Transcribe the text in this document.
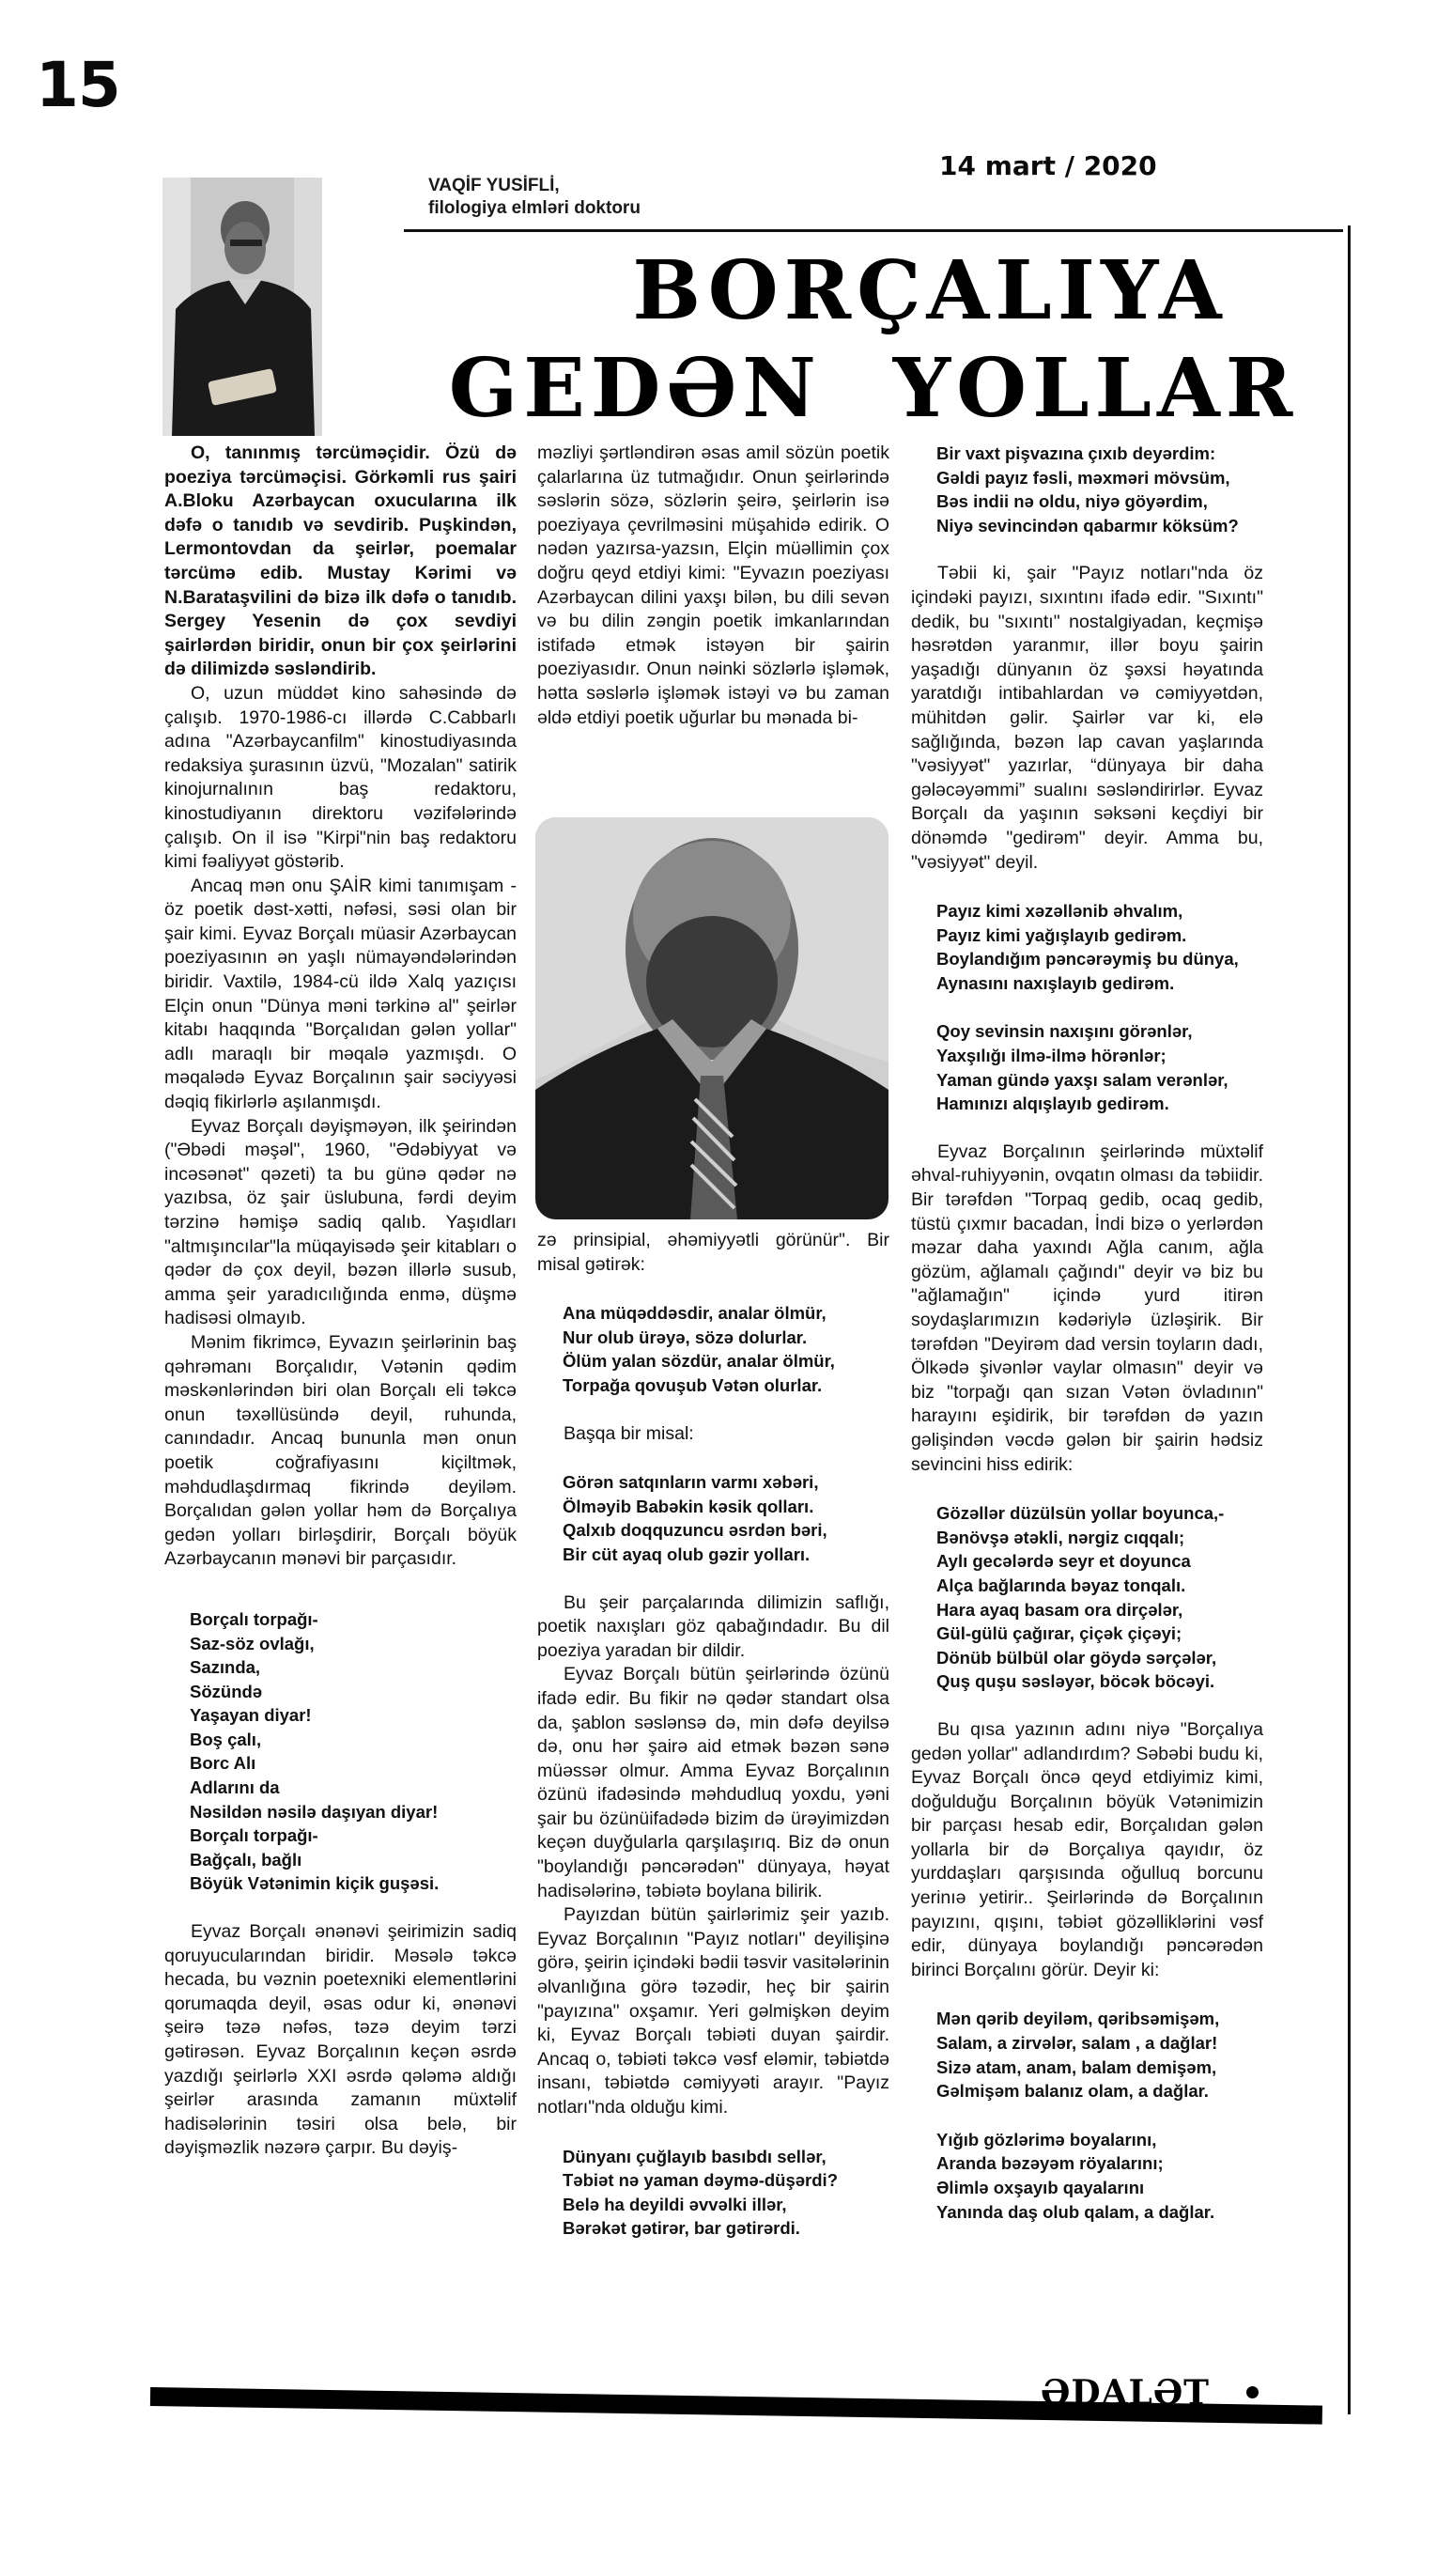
15
14 mart / 2020
VAQİF YUSİFLİ,
filologiya elmləri doktoru
BORÇALIYA
GEDƏN YOLLAR

O, tanınmış tərcüməçidir. Özü də poeziya tərcüməçisi. Görkəmli rus şairi A.Bloku Azərbaycan oxucularına ilk dəfə o tanıdıb və sevdirib. Puşkindən, Lermontovdan da şeirlər, poemalar tərcümə edib. Mustay Kərimi və N.Barataşvilini də bizə ilk dəfə o tanıdıb. Sergey Yesenin də çox sevdiyi şairlərdən biridir, onun bir çox şeirlərini də dilimizdə səsləndirib.

O, uzun müddət kino sahəsində də çalışıb. 1970-1986-cı illərdə C.Cabbarlı adına "Azərbaycanfilm" kinostudiyasında redaksiya şurasının üzvü, "Mozalan" satirik kinojurnalının baş redaktoru, kinostudiyanın direktoru vəzifələrində çalışıb. On il isə "Kirpi"nin baş redaktoru kimi fəaliyyət göstərib.

Ancaq mən onu ŞAİR kimi tanımışam - öz poetik dəst-xətti, nəfəsi, səsi olan bir şair kimi. Eyvaz Borçalı müasir Azərbaycan poeziyasının ən yaşlı nümayəndələrindən biridir. Vaxtilə, 1984-cü ildə Xalq yazıçısı Elçin onun "Dünya məni tərkinə al" şeirlər kitabı haqqında "Borçalıdan gələn yollar" adlı maraqlı bir məqalə yazmışdı. O məqalədə Eyvaz Borçalının şair səciyyəsi dəqiq fikirlərlə aşılanmışdı.

Eyvaz Borçalı dəyişməyən, ilk şeirindən ("Əbədi məşəl", 1960, "Ədəbiyyat və incəsənət" qəzeti) ta bu günə qədər nə yazıbsa, öz şair üslubuna, fərdi deyim tərzinə həmişə sadiq qalıb. Yaşıdları "altmışıncılar"la müqayisədə şeir kitabları o qədər də çox deyil, bəzən illərlə susub, amma şeir yaradıcılığında enmə, düşmə hadisəsi olmayıb.

Mənim fikrimcə, Eyvazın şeirlərinin baş qəhrəmanı Borçalıdır, Vətənin qədim məskənlərindən biri olan Borçalı eli təkcə onun təxəllüsündə deyil, ruhunda, canındadır. Ancaq bununla mən onun poetik coğrafiyasını kiçiltmək, məhdudlaşdırmaq fikrində deyiləm. Borçalıdan gələn yollar həm də Borçalıya gedən yolları birləşdirir, Borçalı böyük Azərbaycanın mənəvi bir parçasıdır.

Borçalı torpağı-
Saz-söz ovlağı,
Sazında,
Sözündə
Yaşayan diyar!
Boş çalı,
Borc Alı
Adlarını da
Nəsildən nəsilə daşıyan diyar!
Borçalı torpağı-
Bağçalı, bağlı
Böyük Vətənimin kiçik guşəsi.

Eyvaz Borçalı ənənəvi şeirimizin sadiq qoruyucularından biridir. Məsələ təkcə hecada, bu vəznin poetexniki elementlərini qorumaqda deyil, əsas odur ki, ənənəvi şeirə təzə nəfəs, təzə deyim tərzi gətirəsən. Eyvaz Borçalının keçən əsrdə yazdığı şeirlərlə XXI əsrdə qələmə aldığı şeirlər arasında zamanın müxtəlif hadisələrinin təsiri olsa belə, bir dəyişməzlik nəzərə çarpır. Bu dəyiş-

məzliyi şərtləndirən əsas amil sözün poetik çalarlarına üz tutmağıdır. Onun şeirlərində səslərin sözə, sözlərin şeirə, şeirlərin isə poeziyaya çevrilməsini müşahidə edirik. O nədən yazırsa-yazsın, Elçin müəllimin çox doğru qeyd etdiyi kimi: "Eyvazın poeziyası Azərbaycan dilini yaxşı bilən, bu dili sevən və bu dilin zəngin poetik imkanlarından istifadə etmək istəyən bir şairin poeziyasıdır. Onun nəinki sözlərlə işləmək, hətta səslərlə işləmək istəyi və bu zaman əldə etdiyi poetik uğurlar bu mənada bi-

zə prinsipial, əhəmiyyətli görünür". Bir misal gətirək:

Ana müqəddəsdir, analar ölmür,
Nur olub ürəyə, sözə dolurlar.
Ölüm yalan sözdür, analar ölmür,
Torpağa qovuşub Vətən olurlar.

Başqa bir misal:

Görən satqınların varmı xəbəri,
Ölməyib Babəkin kəsik qolları.
Qalxıb doqquzuncu əsrdən bəri,
Bir cüt ayaq olub gəzir yolları.

Bu şeir parçalarında dilimizin saflığı, poetik naxışları göz qabağındadır. Bu dil poeziya yaradan bir dildir.

Eyvaz Borçalı bütün şeirlərində özünü ifadə edir. Bu fikir nə qədər standart olsa da, şablon səslənsə də, min dəfə deyilsə də, onu hər şairə aid etmək bəzən sənə müəssər olmur. Amma Eyvaz Borçalının özünü ifadəsində məhdudluq yoxdu, yəni şair bu özünüifadədə bizim də ürəyimizdən keçən duyğularla qarşılaşırıq. Biz də onun "boylandığı pəncərədən" dünyaya, həyat hadisələrinə, təbiətə boylana bilirik.

Payızdan bütün şairlərimiz şeir yazıb. Eyvaz Borçalının "Payız notları" deyilişinə görə, şeirin içindəki bədii təsvir vasitələrinin əlvanlığına görə təzədir, heç bir şairin "payızına" oxşamır. Yeri gəlmişkən deyim ki, Eyvaz Borçalı təbiəti duyan şairdir. Ancaq o, təbiəti təkcə vəsf eləmir, təbiətdə insanı, təbiətdə cəmiyyəti arayır. "Payız notları"nda olduğu kimi.

Dünyanı çuğlayıb basıbdı sellər,
Təbiət nə yaman dəymə-düşərdi?
Belə ha deyildi əvvəlki illər,
Bərəkət gətirər, bar gətirərdi.
Bir vaxt pişvazına çıxıb deyərdim:
Gəldi payız fəsli, məxməri mövsüm,
Bəs indii nə oldu, niyə göyərdim,
Niyə sevincindən qabarmır köksüm?

Təbii ki, şair "Payız notları"nda öz içindəki payızı, sıxıntını ifadə edir. "Sıxıntı" dedik, bu "sıxıntı" nostalgiyadan, keçmişə həsrətdən yaranmır, illər boyu şairin yaşadığı dünyanın öz şəxsi həyatında yaratdığı intibahlardan və cəmiyyətdən, mühitdən gəlir. Şairlər var ki, elə sağlığında, bəzən lap cavan yaşlarında "vəsiyyət" yazırlar, “dünyaya bir daha gələcəyəmmi” sualını səsləndirirlər. Eyvaz Borçalı da yaşının səksəni keçdiyi bir dönəmdə "gedirəm" deyir. Amma bu, "vəsiyyət" deyil.

Payız kimi xəzəllənib əhvalım,
Payız kimi yağışlayıb gedirəm.
Boylandığım pəncərəymiş bu dünya,
Aynasını naxışlayıb gedirəm.
Qoy sevinsin naxışını görənlər,
Yaxşılığı ilmə-ilmə hörənlər;
Yaman gündə yaxşı salam verənlər,
Hamınızı alqışlayıb gedirəm.

Eyvaz Borçalının şeirlərində müxtəlif əhval-ruhiyyənin, ovqatın olması da təbiidir. Bir tərəfdən "Torpaq gedib, ocaq gedib, tüstü çıxmır bacadan, İndi bizə o yerlərdən məzar daha yaxındı Ağla canım, ağla gözüm, ağlamalı çağındı" deyir və biz bu "ağlamağın" içində yurd itirən soydaşlarımızın kədəriylə üzləşirik. Bir tərəfdən "Deyirəm dad versin toyların dadı, Ölkədə şivənlər vaylar olmasın" deyir və biz "torpağı qan sızan Vətən övladının" harayını eşidirik, bir tərəfdən də yazın gəlişindən vəcdə gələn bir şairin hədsiz sevincini hiss edirik:

Gözəllər düzülsün yollar boyunca,-
Bənövşə ətəkli, nərgiz cıqqalı;
Aylı gecələrdə seyr et doyunca
Alça bağlarında bəyaz tonqalı.
Hara ayaq basam ora dirçələr,
Gül-gülü çağırar, çiçək çiçəyi;
Dönüb bülbül olar göydə sərçələr,
Quş quşu səsləyər, böcək böcəyi.

Bu qısa yazının adını niyə "Borçalıya gedən yollar" adlandırdım? Səbəbi budu ki, Eyvaz Borçalı öncə qeyd etdiyimiz kimi, doğulduğu Borçalının böyük Vətənimizin bir parçası hesab edir, Borçalıdan gələn yollarla bir də Borçalıya qayıdır, öz yurddaşları qarşısında oğulluq borcunu yerinıə yetirir.. Şeirlərində də Borçalının payızını, qışını, təbiət gözəlliklərini vəsf edir, dünyaya boylandığı pəncərədən birinci Borçalını görür. Deyir ki:

Mən qərib deyiləm, qəribsəmişəm,
Salam, a zirvələr, salam , a dağlar!
Sizə atam, anam, balam demişəm,
Gəlmişəm balanız olam, a dağlar.
Yığıb gözlərimə boyalarını,
Aranda bəzəyəm röyalarını;
Əlimlə oxşayıb qayalarını
Yanında daş olub qalam, a dağlar.
ƏDALƏT
